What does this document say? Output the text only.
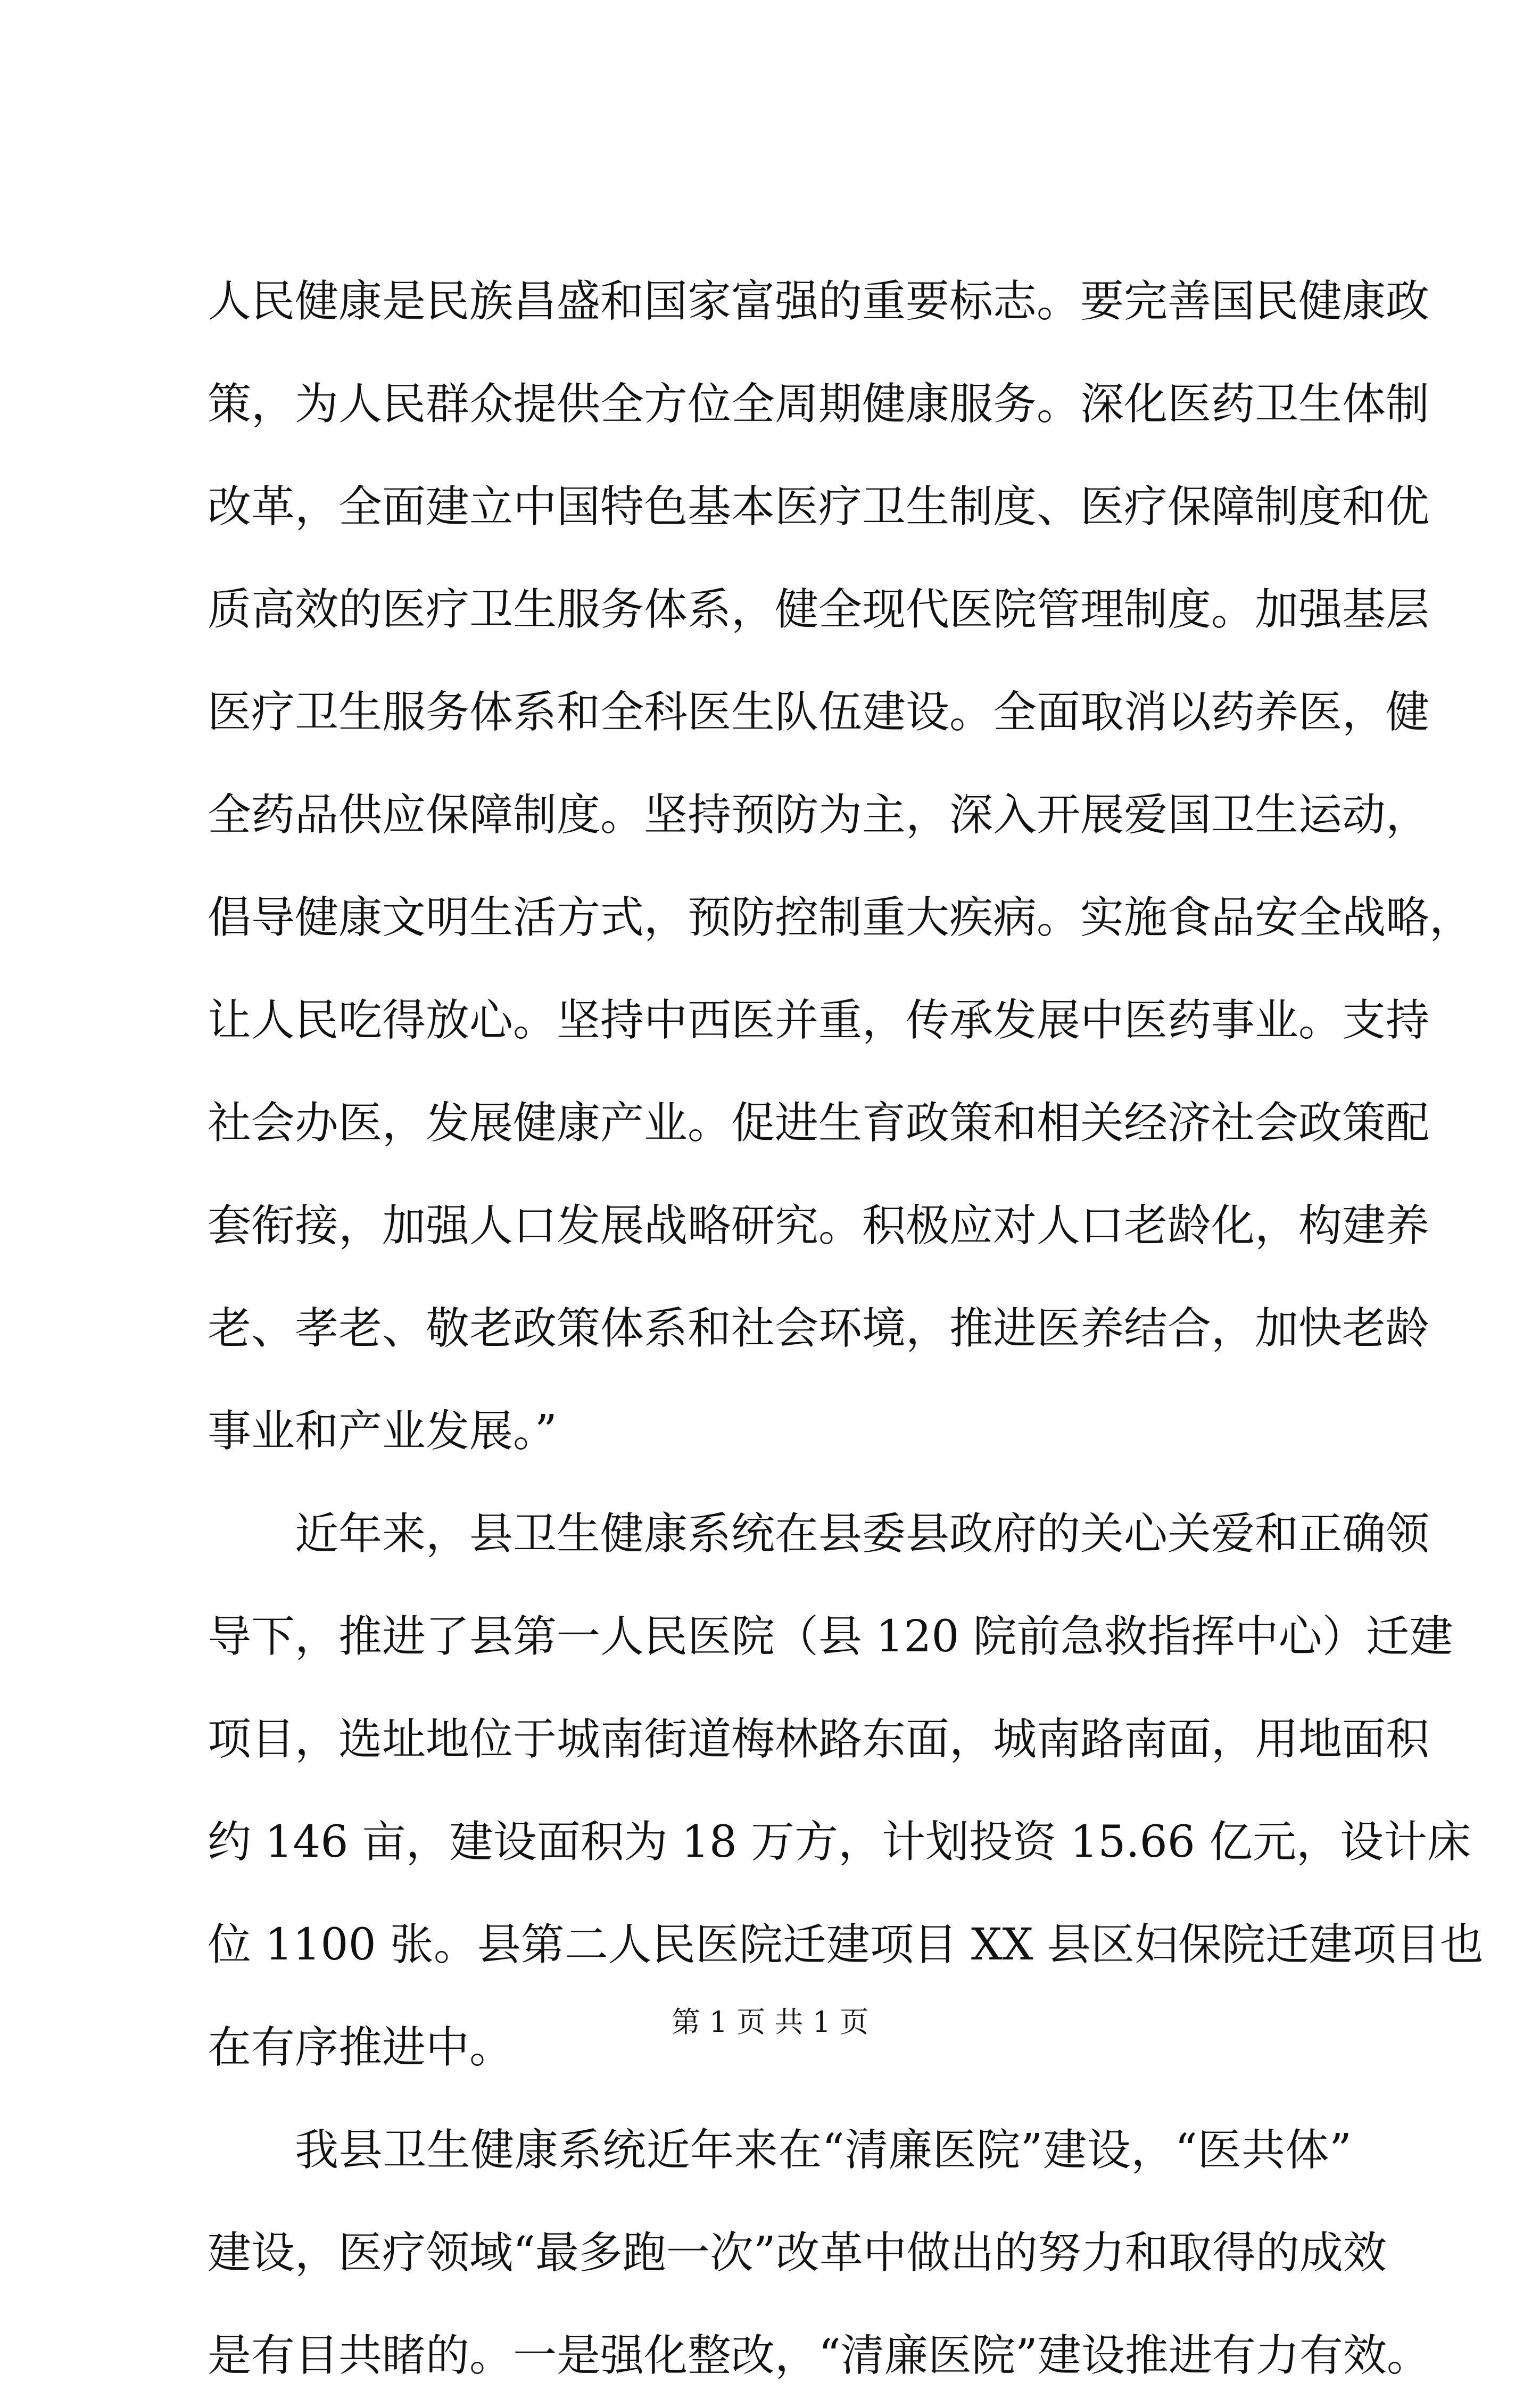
人民健康是民族昌盛和国家富强的重要标志。要完善国民健康政
策，为人民群众提供全方位全周期健康服务。深化医药卫生体制
改革，全面建立中国特色基本医疗卫生制度、医疗保障制度和优
质高效的医疗卫生服务体系，健全现代医院管理制度。加强基层
医疗卫生服务体系和全科医生队伍建设。全面取消以药养医，健
全药品供应保障制度。坚持预防为主，深入开展爱国卫生运动，
倡导健康文明生活方式，预防控制重大疾病。实施食品安全战略，
让人民吃得放心。坚持中西医并重，传承发展中医药事业。支持
社会办医，发展健康产业。促进生育政策和相关经济社会政策配
套衔接，加强人口发展战略研究。积极应对人口老龄化，构建养
老、孝老、敬老政策体系和社会环境，推进医养结合，加快老龄
事业和产业发展。”
近年来，县卫生健康系统在县委县政府的关心关爱和正确领
导下，推进了县第一人民医院（县 120 院前急救指挥中心）迁建
项目，选址地位于城南街道梅林路东面，城南路南面，用地面积
约 146 亩，建设面积为 18 万方，计划投资 15.66 亿元，设计床
位 1100 张。县第二人民医院迁建项目 XX 县区妇保院迁建项目也
在有序推进中。
我县卫生健康系统近年来在“清廉医院”建设，“医共体”
建设，医疗领域“最多跑一次”改革中做出的努力和取得的成效
是有目共睹的。一是强化整改，“清廉医院”建设推进有力有效。
第 1 页 共 1 页
